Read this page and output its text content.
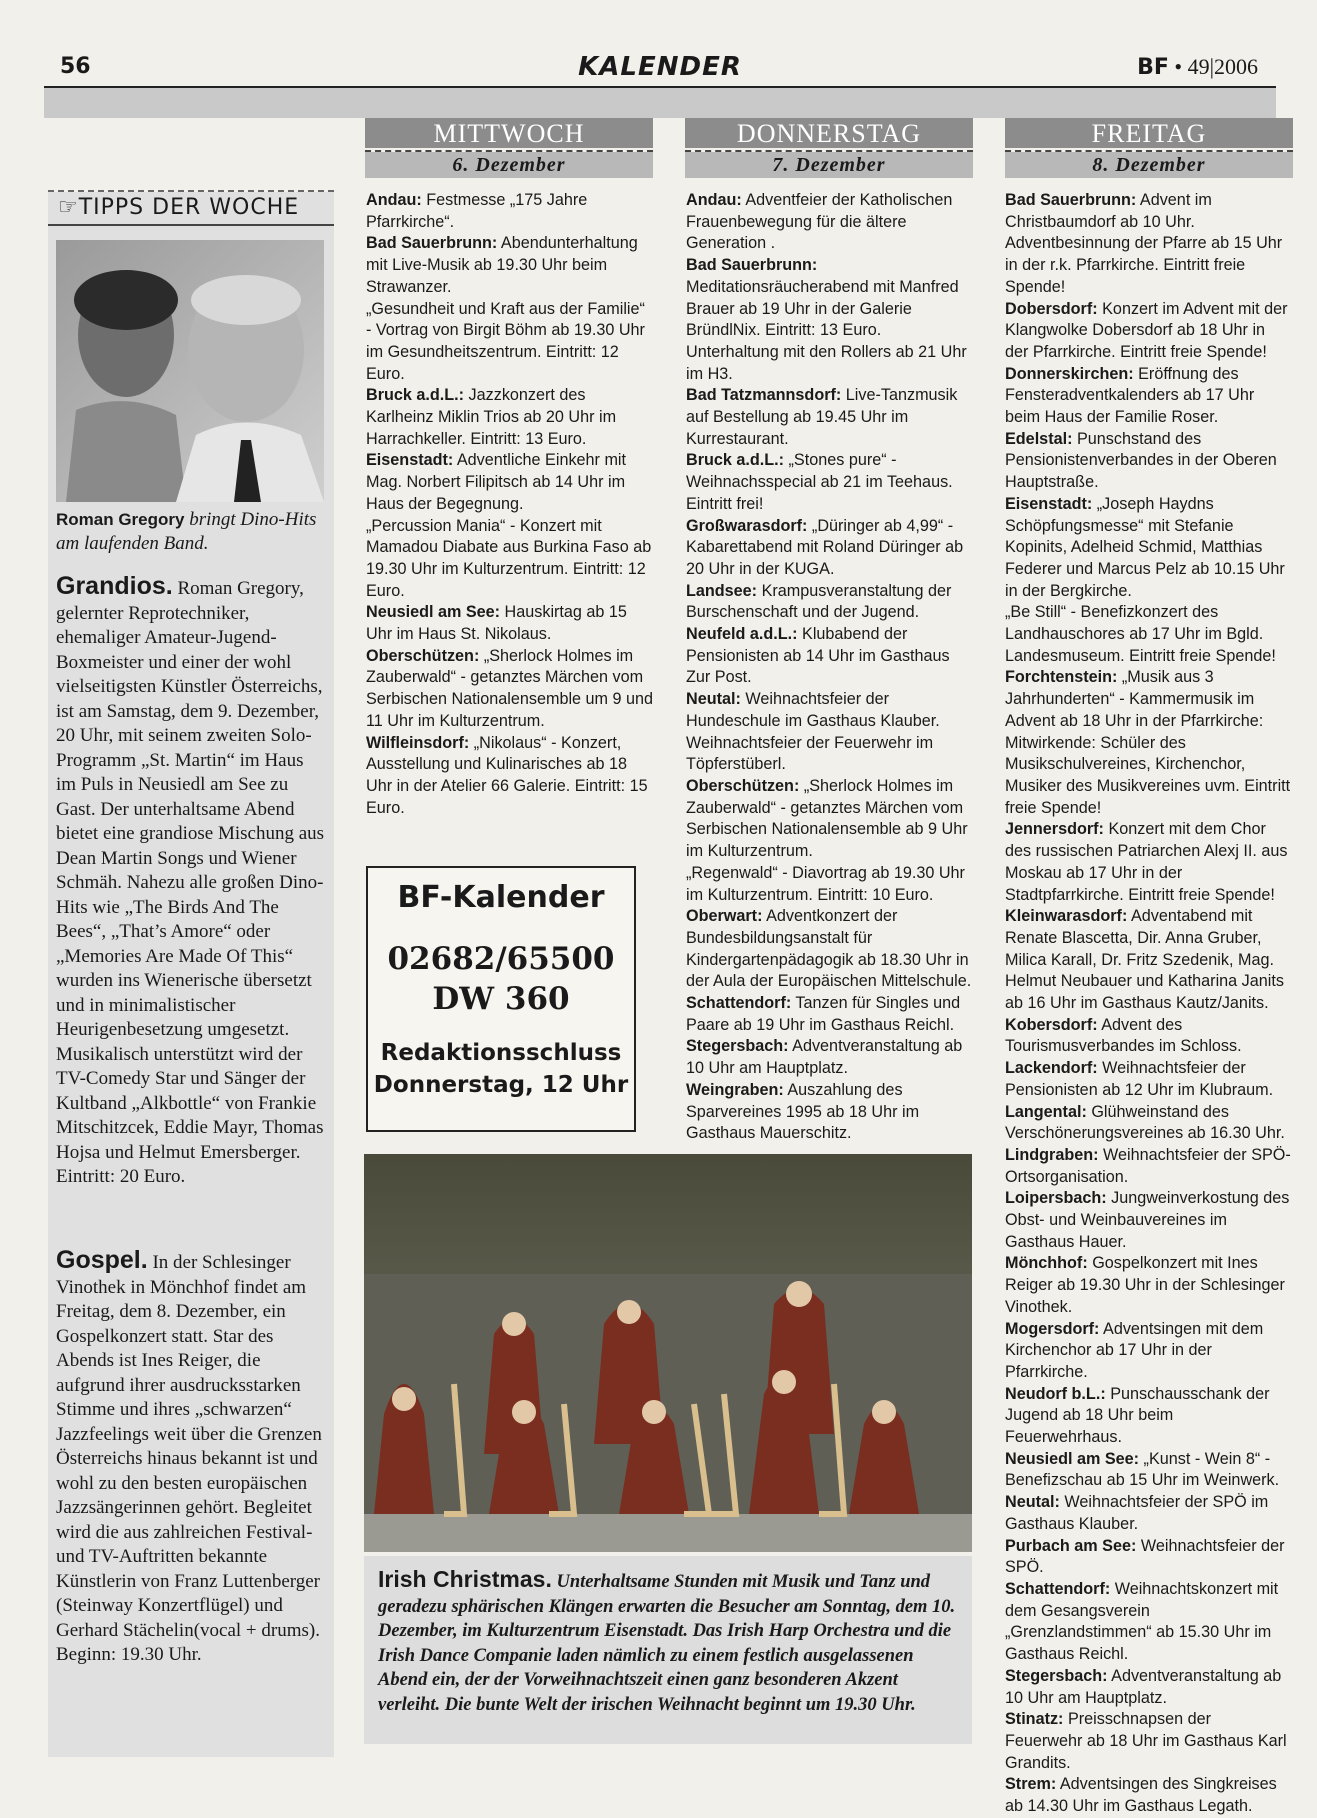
56	KALENDER	BF • 49|2006
MITTWOCH
6. Dezember
DONNERSTAG
7. Dezember
FREITAG
8. Dezember
☞TIPPS DER WOCHE
Roman Gregory bringt Dino-Hits am laufenden Band.
Grandios. Roman Gregory, gelernter Reprotechniker, ehemaliger Amateur-Jugend-Boxmeister und einer der wohl vielseitigsten Künstler Österreichs, ist am Samstag, dem 9. Dezember, 20 Uhr, mit seinem zweiten Solo-Programm „St. Martin“ im Haus im Puls in Neusiedl am See zu Gast. Der unterhaltsame Abend bietet eine grandiose Mischung aus Dean Martin Songs und Wiener Schmäh. Nahezu alle großen Dino-Hits wie „The Birds And The Bees“, „That’s Amore“ oder „Memories Are Made Of This“ wurden ins Wienerische übersetzt und in minimalistischer Heurigenbesetzung umgesetzt. Musikalisch unterstützt wird der TV-Comedy Star und Sänger der Kultband „Alkbottle“ von Frankie Mitschitzcek, Eddie Mayr, Thomas Hojsa und Helmut Emersberger. Eintritt: 20 Euro.
Gospel. In der Schlesinger Vinothek in Mönchhof findet am Freitag, dem 8. Dezember, ein Gospelkonzert statt. Star des Abends ist Ines Reiger, die aufgrund ihrer ausdrucksstarken Stimme und ihres „schwarzen“ Jazzfeelings weit über die Grenzen Österreichs hinaus bekannt ist und wohl zu den besten europäischen Jazzsängerinnen gehört. Begleitet wird die aus zahlreichen Festival- und TV-Auftritten bekannte Künstlerin von Franz Luttenberger (Steinway Konzertflügel) und Gerhard Stächelin(vocal + drums). Beginn: 19.30 Uhr.

Andau: Festmesse „175 Jahre Pfarrkirche“.

Bad Sauerbrunn: Abendunterhaltung mit Live-Musik ab 19.30 Uhr beim Strawanzer.

„Gesundheit und Kraft aus der Familie“ - Vortrag von Birgit Böhm ab 19.30 Uhr im Gesundheitszentrum. Eintritt: 12 Euro.

Bruck a.d.L.: Jazzkonzert des Karlheinz Miklin Trios ab 20 Uhr im Harrachkeller. Eintritt: 13 Euro.

Eisenstadt: Adventliche Einkehr mit Mag. Norbert Filipitsch ab 14 Uhr im Haus der Begegnung.

„Percussion Mania“ - Konzert mit Mamadou Diabate aus Burkina Faso ab 19.30 Uhr im Kulturzentrum. Eintritt: 12 Euro.

Neusiedl am See: Hauskirtag ab 15 Uhr im Haus St. Nikolaus.

Oberschützen: „Sherlock Holmes im Zauberwald“ - getanztes Märchen vom Serbischen Nationalensemble um 9 und 11 Uhr im Kulturzentrum.

Wilfleinsdorf: „Nikolaus“ - Konzert, Ausstellung und Kulinarisches ab 18 Uhr in der Atelier 66 Galerie. Eintritt: 15 Euro.

Andau: Adventfeier der Katholischen Frauenbewegung für die ältere Generation .

Bad Sauerbrunn: Meditationsräucherabend mit Manfred Brauer ab 19 Uhr in der Galerie BründlNix. Eintritt: 13 Euro.

Unterhaltung mit den Rollers ab 21 Uhr im H3.

Bad Tatzmannsdorf: Live-Tanzmusik auf Bestellung ab 19.45 Uhr im Kurrestaurant.

Bruck a.d.L.: „Stones pure“ - Weihnachsspecial ab 21 im Teehaus. Eintritt frei!

Großwarasdorf: „Düringer ab 4,99“ - Kabarettabend mit Roland Düringer ab 20 Uhr in der KUGA.

Landsee: Krampusveranstaltung der Burschenschaft und der Jugend.

Neufeld a.d.L.: Klubabend der Pensionisten ab 14 Uhr im Gasthaus Zur Post.

Neutal: Weihnachtsfeier der Hundeschule im Gasthaus Klauber.

Weihnachtsfeier der Feuerwehr im Töpferstüberl.

Oberschützen: „Sherlock Holmes im Zauberwald“ - getanztes Märchen vom Serbischen Nationalensemble ab 9 Uhr im Kulturzentrum.

„Regenwald“ - Diavortrag ab 19.30 Uhr im Kulturzentrum. Eintritt: 10 Euro.

Oberwart: Adventkonzert der Bundesbildungsanstalt für Kindergartenpädagogik ab 18.30 Uhr in der Aula der Europäischen Mittelschule.

Schattendorf: Tanzen für Singles und Paare ab 19 Uhr im Gasthaus Reichl.

Stegersbach: Adventveranstaltung ab 10 Uhr am Hauptplatz.

Weingraben: Auszahlung des Sparvereines 1995 ab 18 Uhr im Gasthaus Mauerschitz.

Bad Sauerbrunn: Advent im Christbaumdorf ab 10 Uhr.

Adventbesinnung der Pfarre ab 15 Uhr in der r.k. Pfarrkirche. Eintritt freie Spende!

Dobersdorf: Konzert im Advent mit der Klangwolke Dobersdorf ab 18 Uhr in der Pfarrkirche. Eintritt freie Spende!

Donnerskirchen: Eröffnung des Fensteradventkalenders ab 17 Uhr beim Haus der Familie Roser.

Edelstal: Punschstand des Pensionistenverbandes in der Oberen Hauptstraße.

Eisenstadt: „Joseph Haydns Schöpfungsmesse“ mit Stefanie Kopinits, Adelheid Schmid, Matthias Federer und Marcus Pelz ab 10.15 Uhr in der Bergkirche.

„Be Still“ - Benefizkonzert des Landhauschores ab 17 Uhr im Bgld. Landesmuseum. Eintritt freie Spende!

Forchtenstein: „Musik aus 3 Jahrhunderten“ - Kammermusik im Advent ab 18 Uhr in der Pfarrkirche: Mitwirkende: Schüler des Musikschulvereines, Kirchenchor, Musiker des Musikvereines uvm. Eintritt freie Spende!

Jennersdorf: Konzert mit dem Chor des russischen Patriarchen Alexj II. aus Moskau ab 17 Uhr in der Stadtpfarrkirche. Eintritt freie Spende!

Kleinwarasdorf: Adventabend mit Renate Blascetta, Dir. Anna Gruber, Milica Karall, Dr. Fritz Szedenik, Mag. Helmut Neubauer und Katharina Janits ab 16 Uhr im Gasthaus Kautz/Janits.

Kobersdorf: Advent des Tourismusverbandes im Schloss.

Lackendorf: Weihnachtsfeier der Pensionisten ab 12 Uhr im Klubraum.

Langental: Glühweinstand des Verschönerungsvereines ab 16.30 Uhr.

Lindgraben: Weihnachtsfeier der SPÖ-Ortsorganisation.

Loipersbach: Jungweinverkostung des Obst- und Weinbauvereines im Gasthaus Hauer.

Mönchhof: Gospelkonzert mit Ines Reiger ab 19.30 Uhr in der Schlesinger Vinothek.

Mogersdorf: Adventsingen mit dem Kirchenchor ab 17 Uhr in der Pfarrkirche.

Neudorf b.L.: Punschausschank der Jugend ab 18 Uhr beim Feuerwehrhaus.

Neusiedl am See: „Kunst - Wein 8“ - Benefizschau ab 15 Uhr im Weinwerk.

Neutal: Weihnachtsfeier der SPÖ im Gasthaus Klauber.

Purbach am See: Weihnachtsfeier der SPÖ.

Schattendorf: Weihnachtskonzert mit dem Gesangsverein „Grenzlandstimmen“ ab 15.30 Uhr im Gasthaus Reichl.

Stegersbach: Adventveranstaltung ab 10 Uhr am Hauptplatz.

Stinatz: Preisschnapsen der Feuerwehr ab 18 Uhr im Gasthaus Karl Grandits.

Strem: Adventsingen des Singkreises ab 14.30 Uhr im Gasthaus Legath.

BF-Kalender
02682/65500
DW 360
Redaktionsschluss
Donnerstag, 12 Uhr

Irish Christmas. Unterhaltsame Stunden mit Musik und Tanz und geradezu sphärischen Klängen erwarten die Besucher am Sonntag, dem 10. Dezember, im Kulturzentrum Eisenstadt. Das Irish Harp Orchestra und die Irish Dance Companie laden nämlich zu einem festlich ausgelassenen Abend ein, der der Vorweihnachtszeit einen ganz besonderen Akzent verleiht. Die bunte Welt der irischen Weihnacht beginnt um 19.30 Uhr.
